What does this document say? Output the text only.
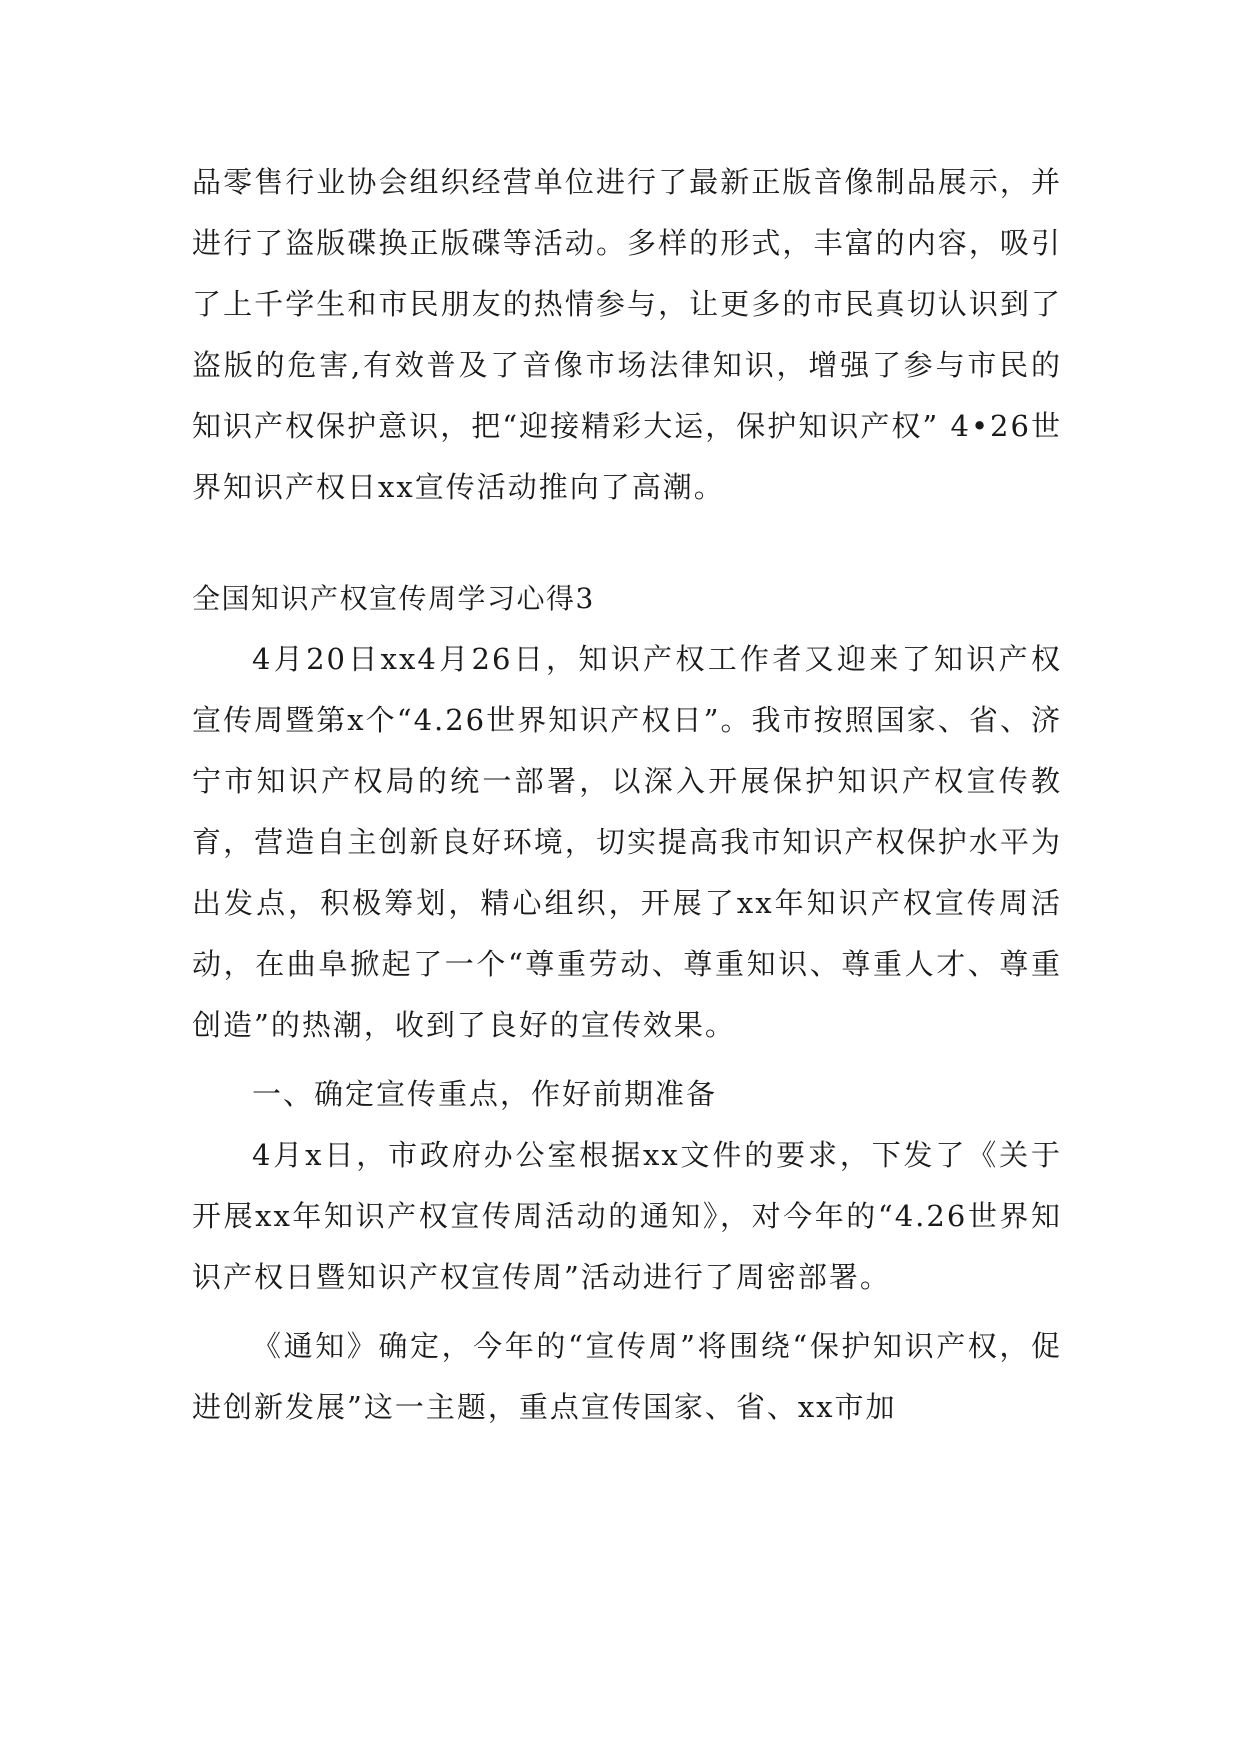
品零售行业协会组织经营单位进行了最新正版音像制品展示，并进行了盗版碟换正版碟等活动。多样的形式，丰富的内容，吸引了上千学生和市民朋友的热情参与，让更多的市民真切认识到了盗版的危害,有效普及了音像市场法律知识，增强了参与市民的知识产权保护意识，把“迎接精彩大运，保护知识产权” 4•26世界知识产权日xx宣传活动推向了高潮。

全国知识产权宣传周学习心得3

4月20日xx4月26日，知识产权工作者又迎来了知识产权宣传周暨第x个“4.26世界知识产权日”。我市按照国家、省、济宁市知识产权局的统一部署，以深入开展保护知识产权宣传教育，营造自主创新良好环境，切实提高我市知识产权保护水平为出发点，积极筹划，精心组织，开展了xx年知识产权宣传周活动，在曲阜掀起了一个“尊重劳动、尊重知识、尊重人才、尊重创造”的热潮，收到了良好的宣传效果。

一、确定宣传重点，作好前期准备

4月x日，市政府办公室根据xx文件的要求，下发了《关于开展xx年知识产权宣传周活动的通知》，对今年的“4.26世界知识产权日暨知识产权宣传周”活动进行了周密部署。

《通知》确定，今年的“宣传周”将围绕“保护知识产权，促进创新发展”这一主题，重点宣传国家、省、xx市加
